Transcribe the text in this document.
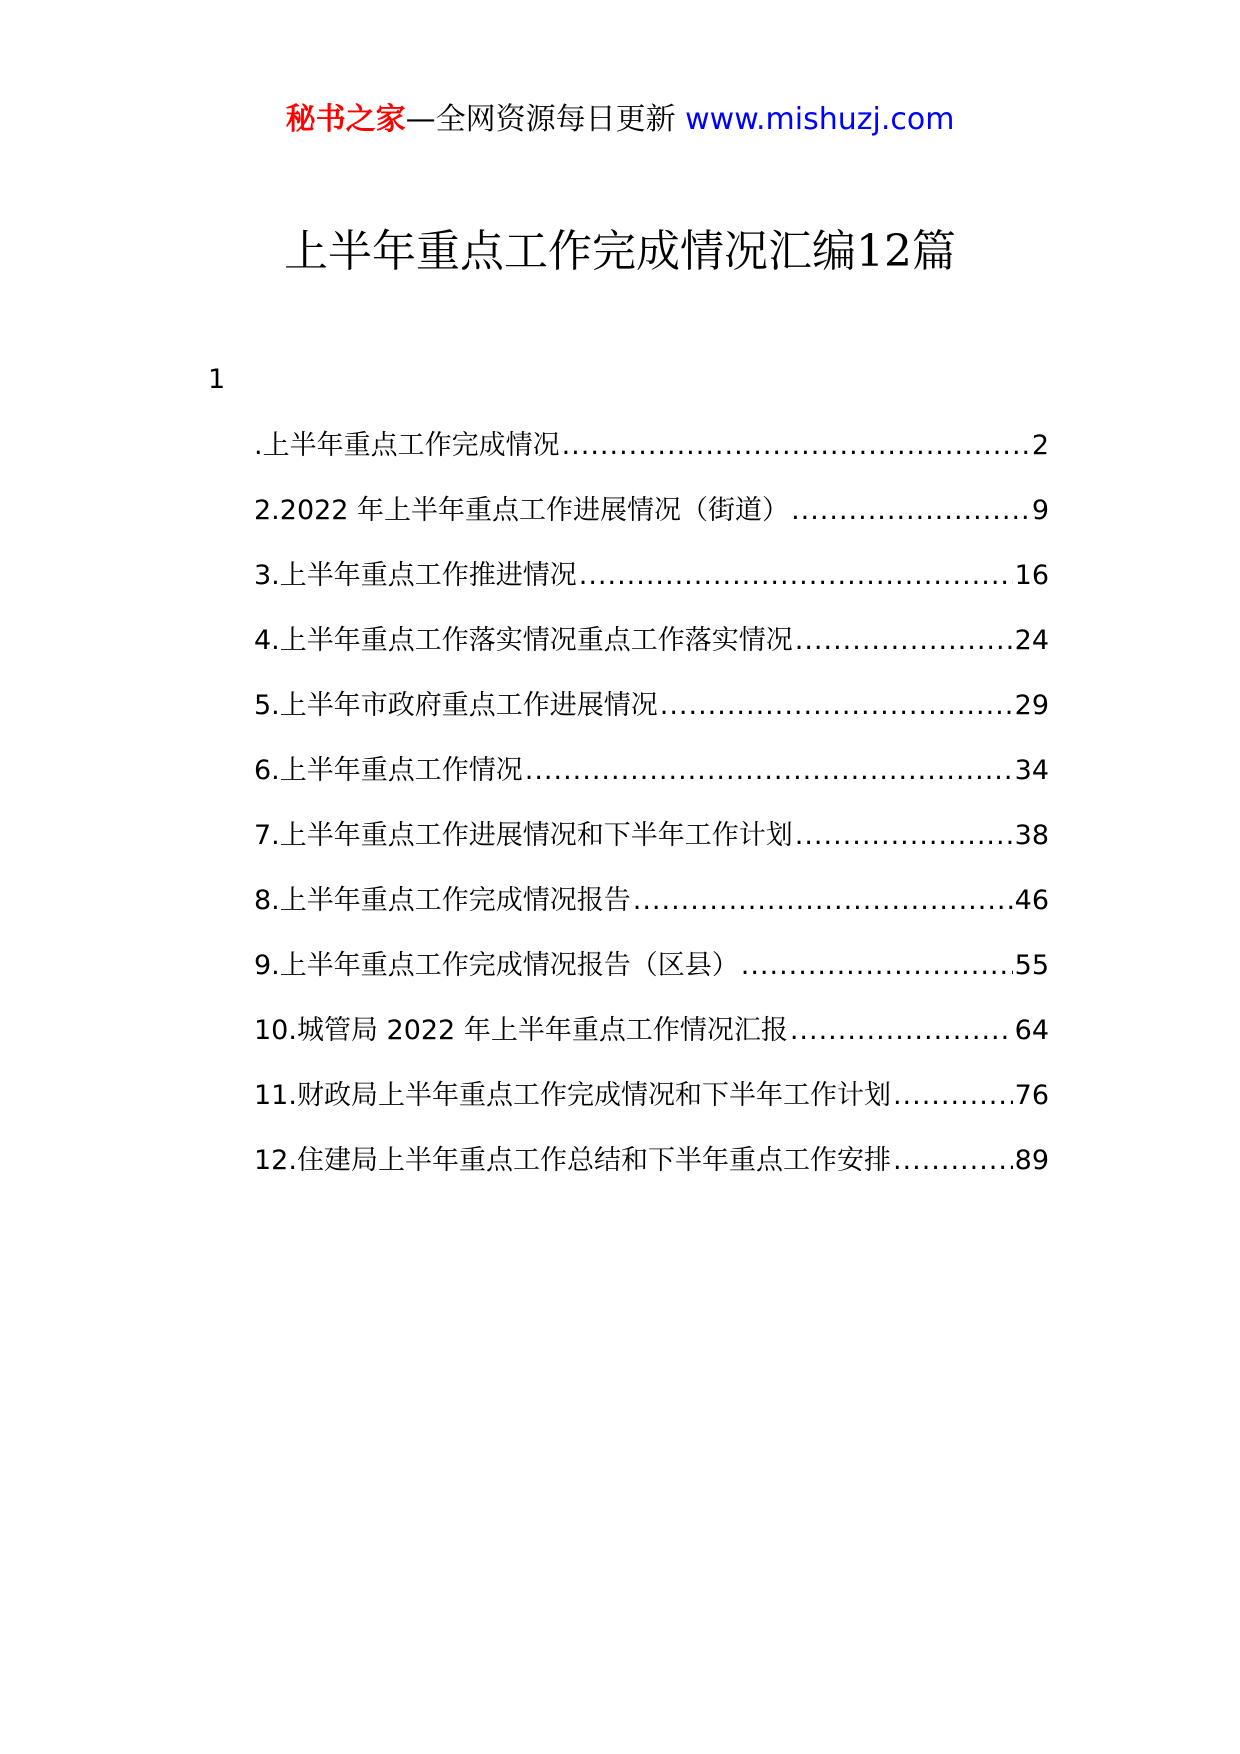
秘书之家—全网资源每日更新 www.mishuzj.com
上半年重点工作完成情况汇编12篇
1
.上半年重点工作完成情况 .....	2
2.2022 年上半年重点工作进展情况（街道） .....	9
3.上半年重点工作推进情况 .....	16
4.上半年重点工作落实情况重点工作落实情况 .....	24
5.上半年市政府重点工作进展情况 .....	29
6.上半年重点工作情况 .....	34
7.上半年重点工作进展情况和下半年工作计划 .....	38
8.上半年重点工作完成情况报告 .....	46
9.上半年重点工作完成情况报告（区县） .....	55
10.城管局 2022 年上半年重点工作情况汇报 .....	64
11.财政局上半年重点工作完成情况和下半年工作计划 .....	76
12.住建局上半年重点工作总结和下半年重点工作安排 .....	89
